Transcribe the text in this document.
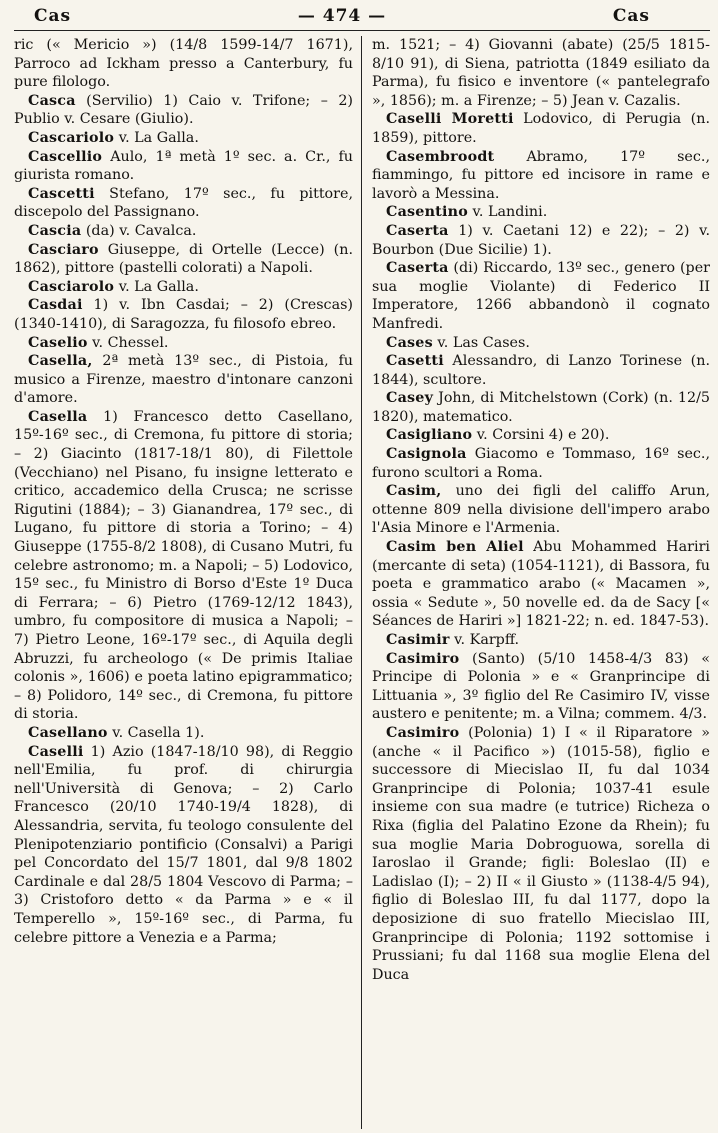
Cas	— 474 —	Cas

ric (« Mericio ») (14/8 1599-14/7 1671), Parroco ad Ickham presso a Canterbury, fu pure filologo.

Casca (Servilio) 1) Caio v. Trifone; – 2) Publio v. Cesare (Giulio).

Cascariolo v. La Galla.

Cascellio Aulo, 1ª metà 1º sec. a. Cr., fu giurista romano.

Cascetti Stefano, 17º sec., fu pittore, discepolo del Passignano.

Cascia (da) v. Cavalca.

Casciaro Giuseppe, di Ortelle (Lecce) (n. 1862), pittore (pastelli colorati) a Napoli.

Casciarolo v. La Galla.

Casdai 1) v. Ibn Casdai; – 2) (Crescas) (1340-1410), di Saragozza, fu filosofo ebreo.

Caselio v. Chessel.

Casella, 2ª metà 13º sec., di Pistoia, fu musico a Firenze, maestro d'intonare canzoni d'amore.

Casella 1) Francesco detto Casellano, 15º-16º sec., di Cremona, fu pittore di storia; – 2) Giacinto (1817-18/1 80), di Filettole (Vecchiano) nel Pisano, fu insigne letterato e critico, accademico della Crusca; ne scrisse Rigutini (1884); – 3) Gianandrea, 17º sec., di Lugano, fu pittore di storia a Torino; – 4) Giuseppe (1755-8/2 1808), di Cusano Mutri, fu celebre astronomo; m. a Napoli; – 5) Lodovico, 15º sec., fu Ministro di Borso d'Este 1º Duca di Ferrara; – 6) Pietro (1769-12/12 1843), umbro, fu compositore di musica a Napoli; – 7) Pietro Leone, 16º-17º sec., di Aquila degli Abruzzi, fu archeologo (« De primis Italiae colonis », 1606) e poeta latino epigrammatico; – 8) Polidoro, 14º sec., di Cremona, fu pittore di storia.

Casellano v. Casella 1).

Caselli 1) Azio (1847-18/10 98), di Reggio nell'Emilia, fu prof. di chirurgia nell'Università di Genova; – 2) Carlo Francesco (20/10 1740-19/4 1828), di Alessandria, servita, fu teologo consulente del Plenipotenziario pontificio (Consalvi) a Parigi pel Concordato del 15/7 1801, dal 9/8 1802 Cardinale e dal 28/5 1804 Vescovo di Parma; – 3) Cristoforo detto « da Parma » e « il Temperello », 15º-16º sec., di Parma, fu celebre pittore a Venezia e a Parma;

m. 1521; – 4) Giovanni (abate) (25/5 1815-8/10 91), di Siena, patriotta (1849 esiliato da Parma), fu fisico e inventore (« pantelegrafo », 1856); m. a Firenze; – 5) Jean v. Cazalis.

Caselli Moretti Lodovico, di Perugia (n. 1859), pittore.

Casembroodt Abramo, 17º sec., fiammingo, fu pittore ed incisore in rame e lavorò a Messina.

Casentino v. Landini.

Caserta 1) v. Caetani 12) e 22); – 2) v. Bourbon (Due Sicilie) 1).

Caserta (di) Riccardo, 13º sec., genero (per sua moglie Violante) di Federico II Imperatore, 1266 abbandonò il cognato Manfredi.

Cases v. Las Cases.

Casetti Alessandro, di Lanzo Torinese (n. 1844), scultore.

Casey John, di Mitchelstown (Cork) (n. 12/5 1820), matematico.

Casigliano v. Corsini 4) e 20).

Casignola Giacomo e Tommaso, 16º sec., furono scultori a Roma.

Casim, uno dei figli del califfo Arun, ottenne 809 nella divisione dell'impero arabo l'Asia Minore e l'Armenia.

Casim ben Aliel Abu Mohammed Hariri (mercante di seta) (1054-1121), di Bassora, fu poeta e grammatico arabo (« Macamen », ossia « Sedute », 50 novelle ed. da de Sacy [« Séances de Hariri »] 1821-22; n. ed. 1847-53).

Casimir v. Karpff.

Casimiro (Santo) (5/10 1458-4/3 83) « Principe di Polonia » e « Granprincipe di Littuania », 3º figlio del Re Casimiro IV, visse austero e penitente; m. a Vilna; commem. 4/3.

Casimiro (Polonia) 1) I « il Riparatore » (anche « il Pacifico ») (1015-58), figlio e successore di Miecislao II, fu dal 1034 Granprincipe di Polonia; 1037-41 esule insieme con sua madre (e tutrice) Richeza o Rixa (figlia del Palatino Ezone da Rhein); fu sua moglie Maria Dobroguowa, sorella di Iaroslao il Grande; figli: Boleslao (II) e Ladislao (I); – 2) II « il Giusto » (1138-4/5 94), figlio di Boleslao III, fu dal 1177, dopo la deposizione di suo fratello Miecislao III, Granprincipe di Polonia; 1192 sottomise i Prussiani; fu dal 1168 sua moglie Elena del Duca
